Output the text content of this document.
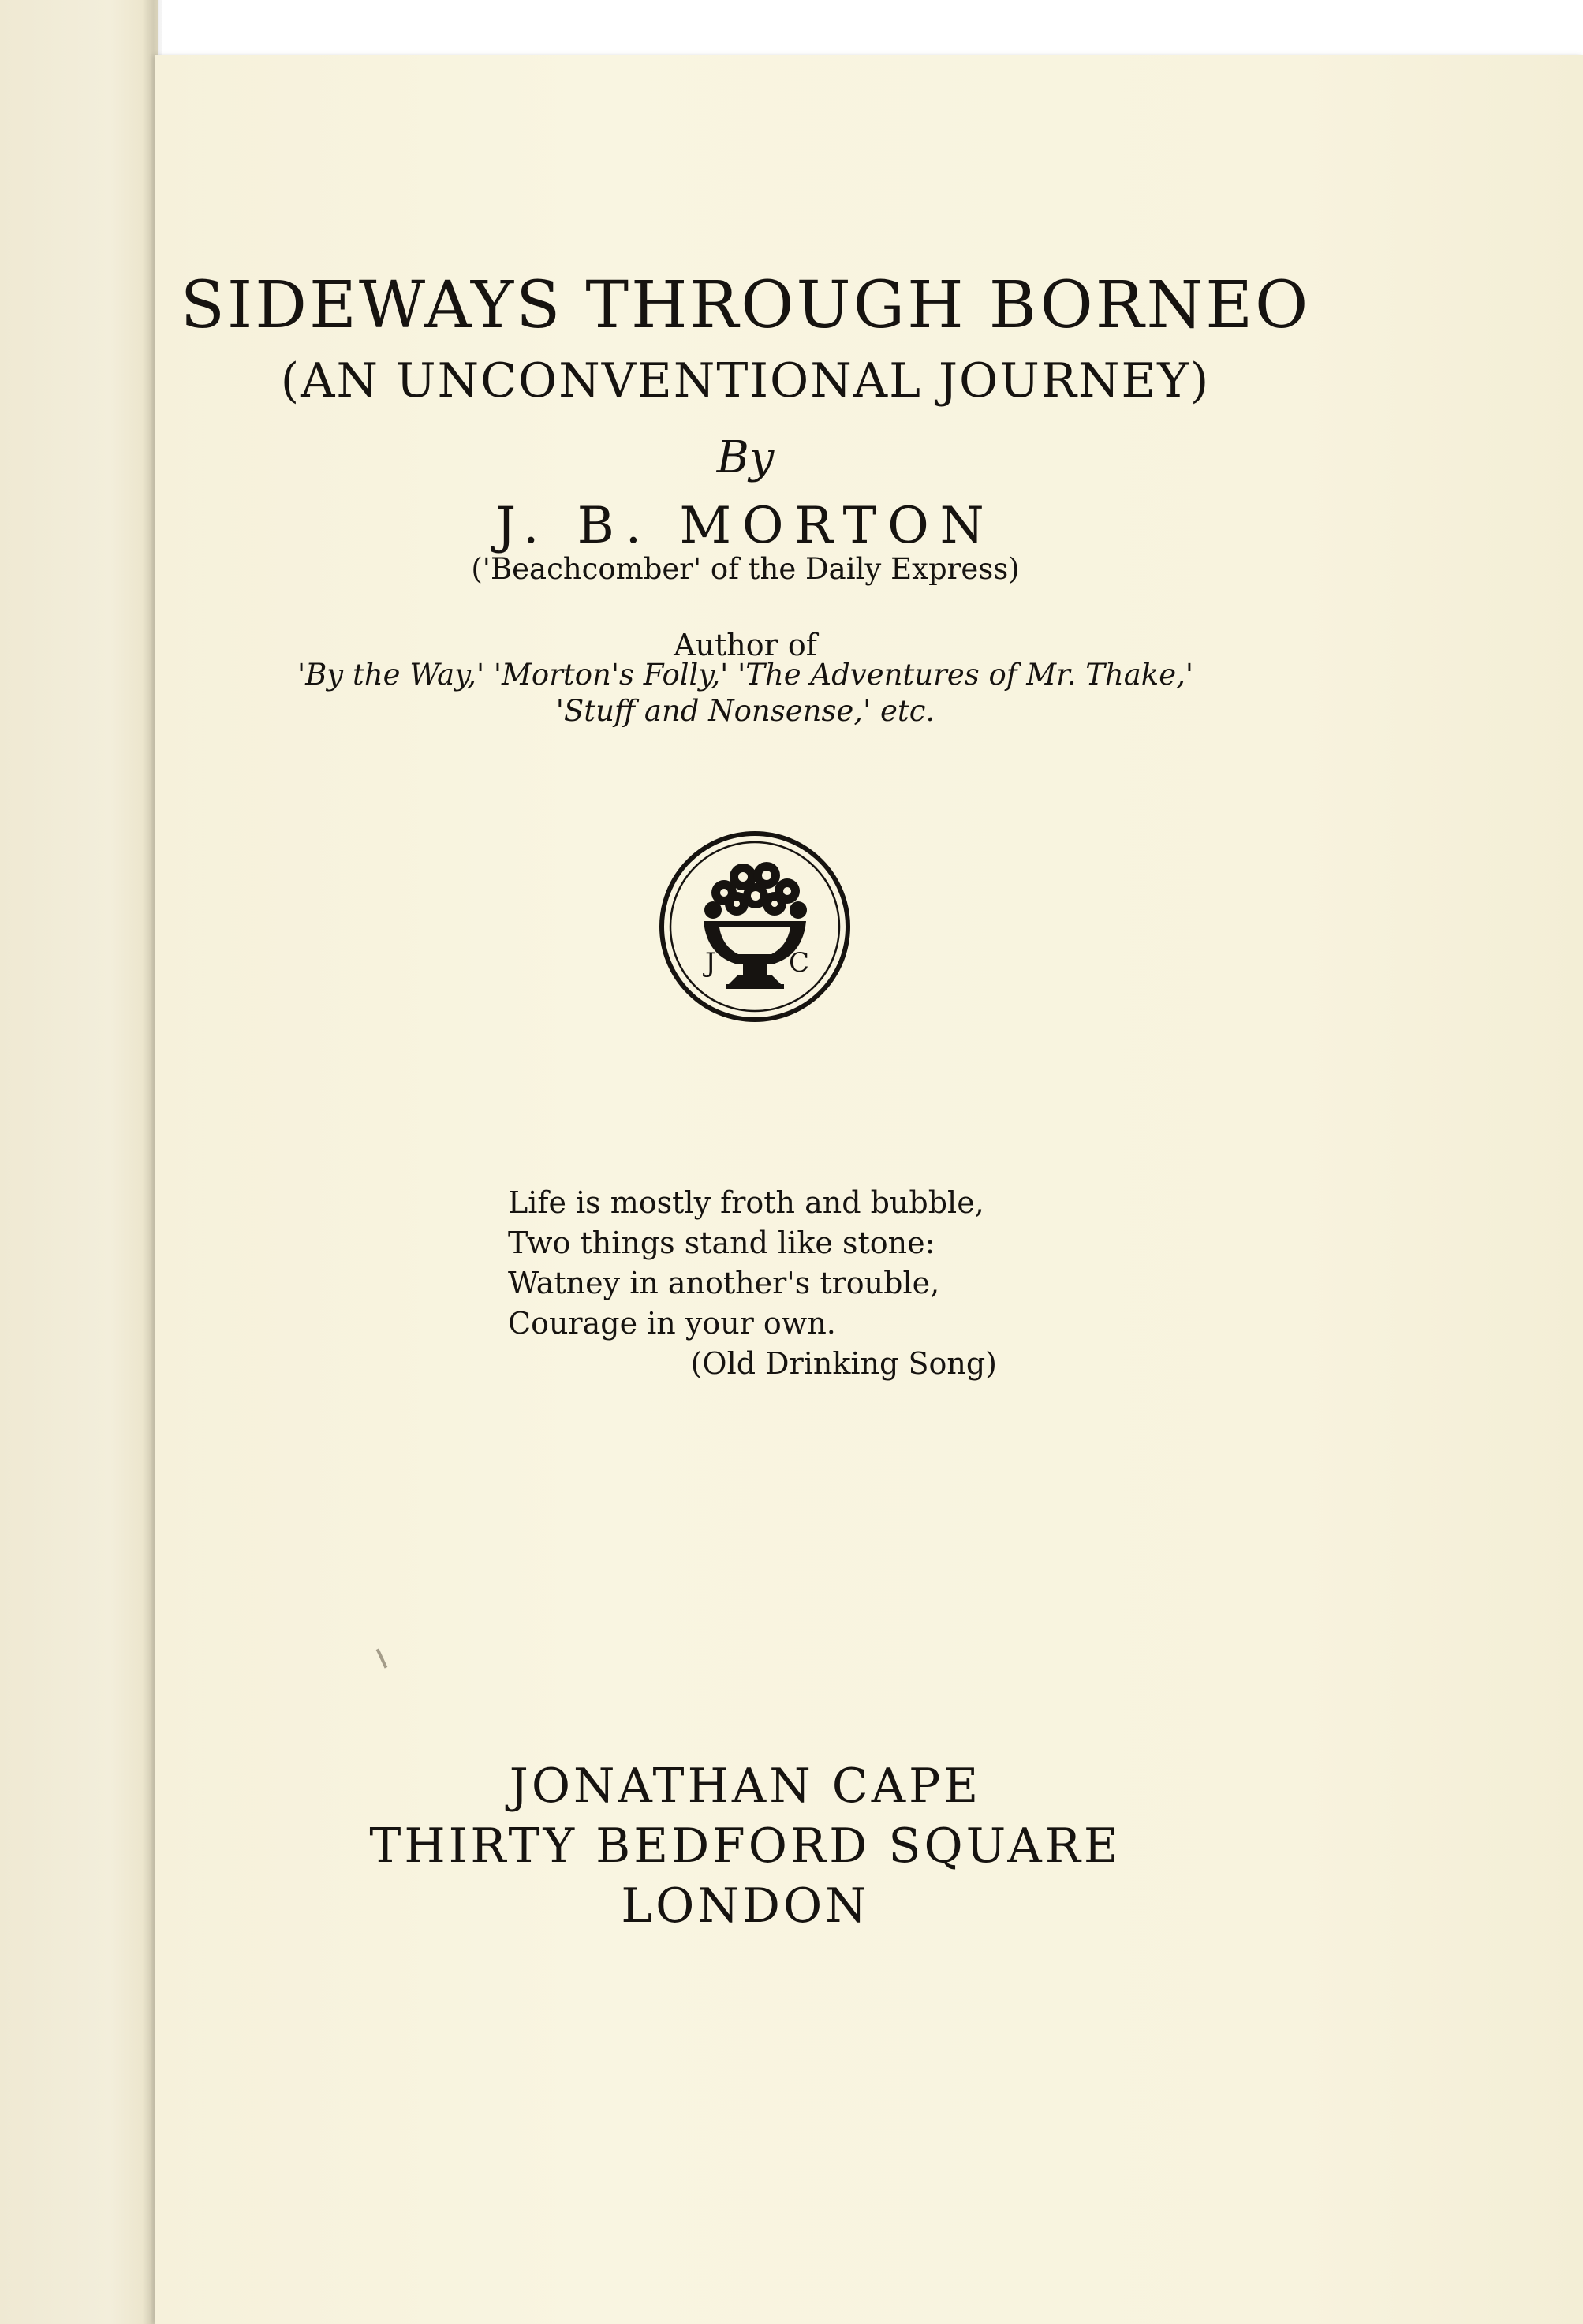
SIDEWAYS THROUGH BORNEO
(AN UNCONVENTIONAL JOURNEY)
By
J. B. MORTON
('Beachcomber' of the Daily Express)
Author of
'By the Way,' 'Morton's Folly,' 'The Adventures of Mr. Thake,'
'Stuff and Nonsense,' etc.
J	C
Life is mostly froth and bubble,
Two things stand like stone:
Watney in another's trouble,
Courage in your own.
(Old Drinking Song)
JONATHAN CAPE
THIRTY BEDFORD SQUARE
LONDON
